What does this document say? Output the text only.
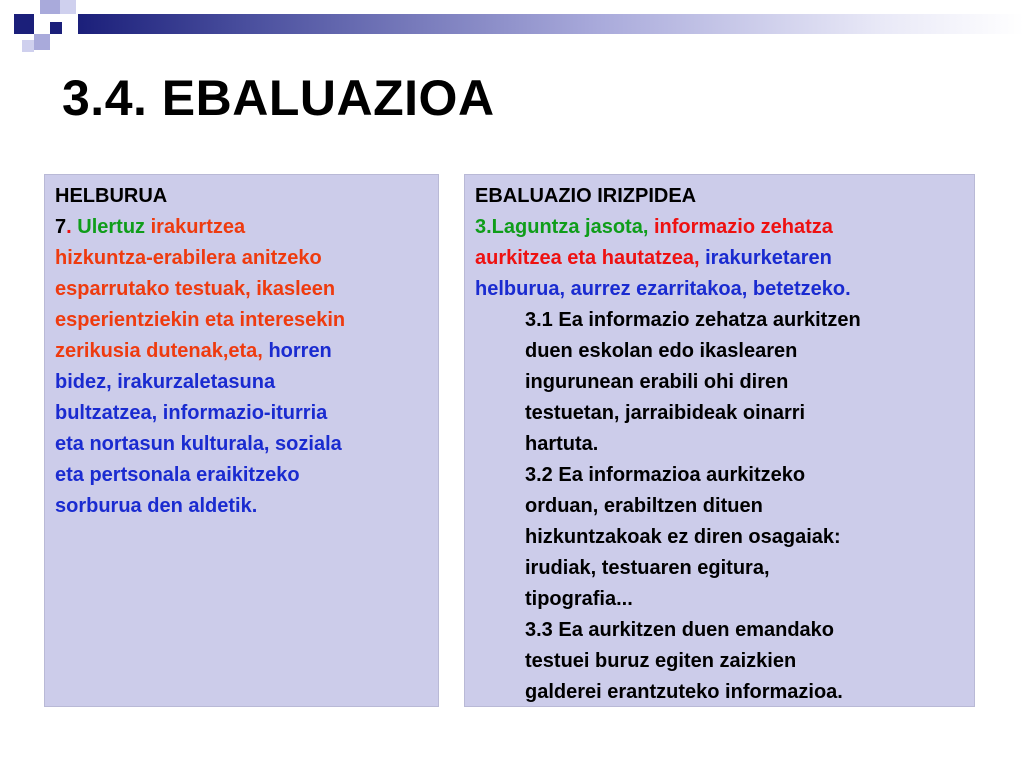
3.4. EBALUAZIOA
HELBURUA
7. Ulertuz irakurtzea
hizkuntza-erabilera anitzeko
esparrutako testuak, ikasleen
esperientziekin eta interesekin
zerikusia dutenak,eta, horren
bidez, irakurzaletasuna
bultzatzea, informazio-iturria
eta nortasun kulturala, soziala
eta pertsonala eraikitzeko
sorburua den aldetik.
EBALUAZIO IRIZPIDEA
3.Laguntza jasota, informazio zehatza
aurkitzea eta hautatzea, irakurketaren
helburua, aurrez ezarritakoa, betetzeko.
3.1 Ea informazio zehatza aurkitzen
duen eskolan edo ikaslearen
ingurunean erabili ohi diren
testuetan, jarraibideak oinarri
hartuta.
3.2 Ea informazioa aurkitzeko
orduan, erabiltzen dituen
hizkuntzakoak ez diren osagaiak:
irudiak, testuaren egitura,
tipografia...
3.3 Ea aurkitzen duen emandako
testuei buruz egiten zaizkien
galderei erantzuteko informazioa.
